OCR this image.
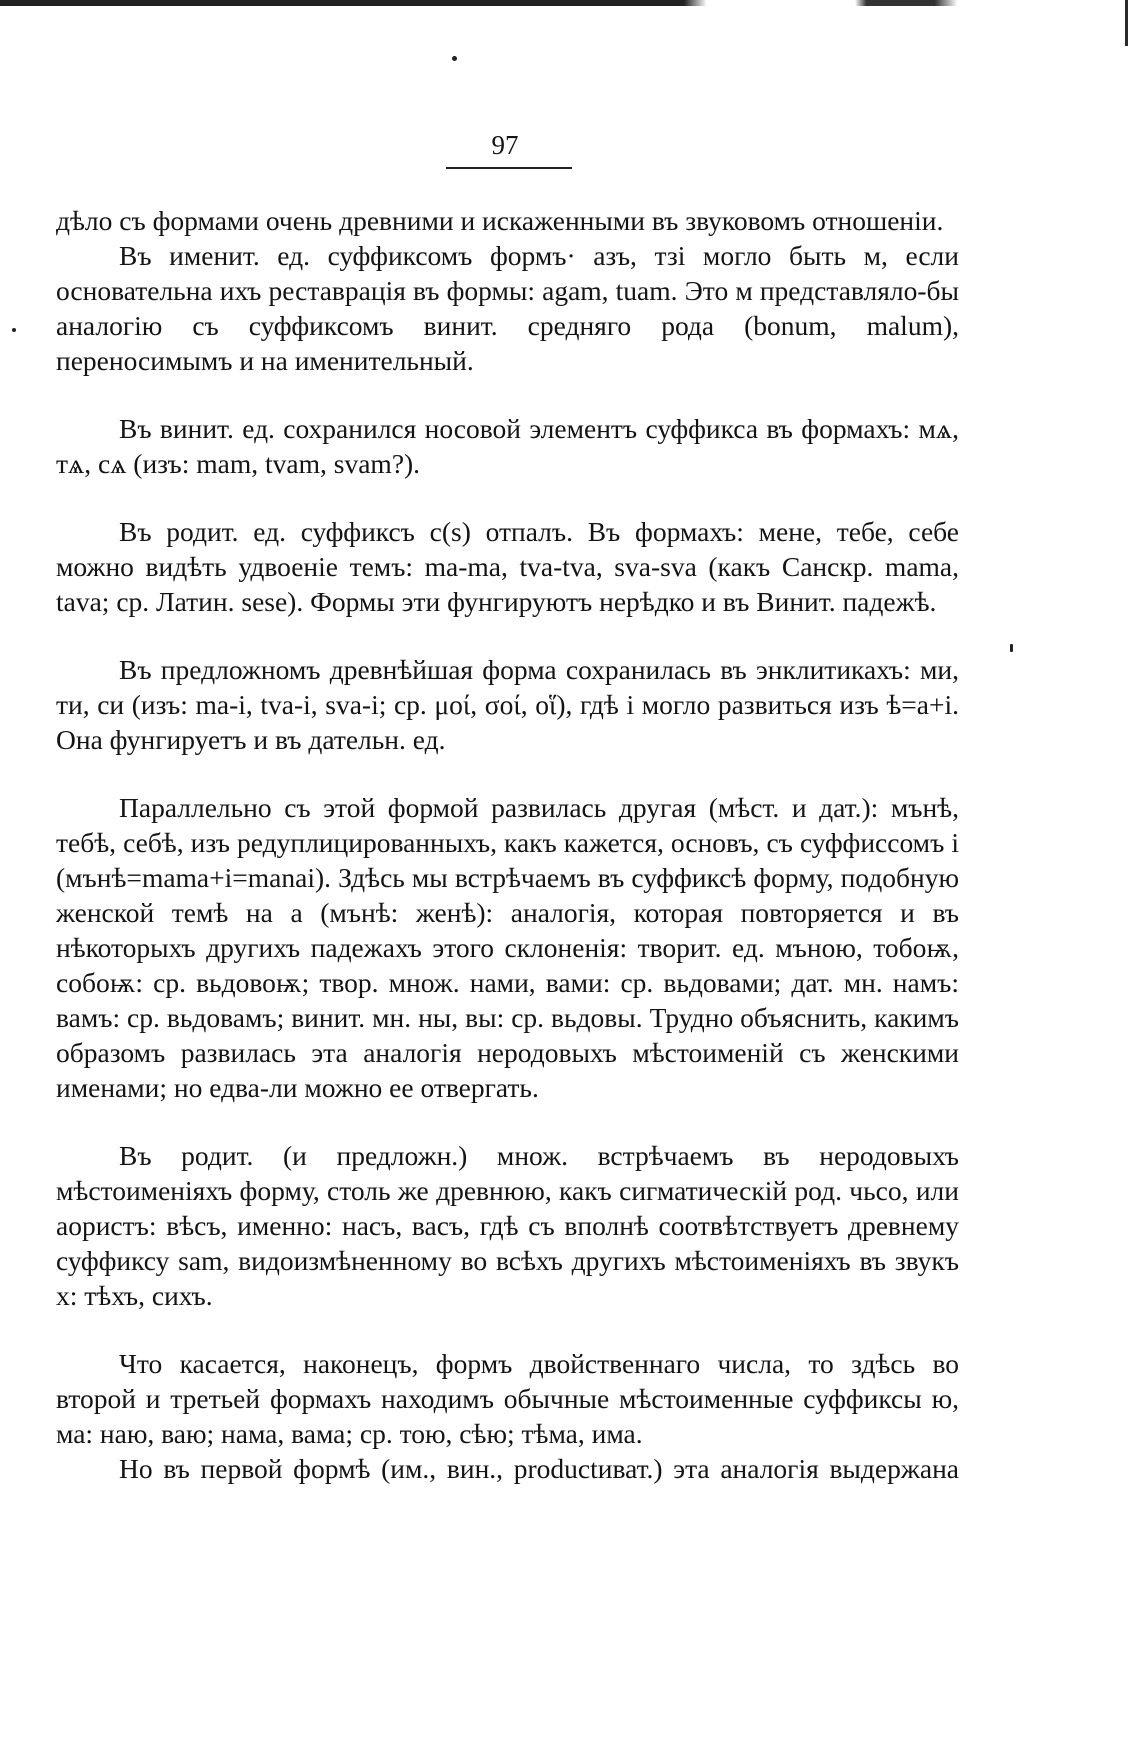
97

дѣло съ формами очень древними и искаженными въ звуковомъ отношеніи.

Въ именит. ед. суффиксомъ формъ· азъ, тзі могло быть м, если основательна ихъ реставрація въ формы: agam, tuam. Это м представляло-бы аналогію съ суффиксомъ винит. средняго рода (bonum, malum), переносимымъ и на именительный.

Въ винит. ед. сохранился носовой элементъ суффикса въ формахъ: мѧ, тѧ, сѧ (изъ: mam, tvam, svam?).

Въ родит. ед. суффиксъ c(s) отпалъ. Въ формахъ: мене, тебе, себе можно видѣть удвоеніе темъ: ma-ma, tva-tva, sva-sva (какъ Санскр. mama, tava; ср. Латин. sese). Формы эти фунгируютъ нерѣдко и въ Винит. падежѣ.

Въ предложномъ древнѣйшая форма сохранилась въ энклитикахъ: ми, ти, си (изъ: ma-i, tva-i, sva-i; ср. μοί, σοί, οἵ), гдѣ і могло развиться изъ ѣ=a+i. Она фунгируетъ и въ дательн. ед.

Параллельно съ этой формой развилась другая (мѣст. и дат.): мънѣ, тебѣ, себѣ, изъ редуплицированныхъ, какъ кажется, основъ, съ суффиссомъ і (мънѣ=mama+i=manai). Здѣсь мы встрѣчаемъ въ суффиксѣ форму, подобную женской темѣ на а (мънѣ: женѣ): аналогія, которая повторяется и въ нѣкоторыхъ другихъ падежахъ этого склоненія: творит. ед. мъною, тобоѭ, собоѭ: ср. вьдовоѭ; твор. множ. нами, вами: ср. вьдовами; дат. мн. намъ: вамъ: ср. вьдовамъ; винит. мн. ны, вы: ср. вьдовы. Трудно объяснить, какимъ образомъ развилась эта аналогія неродовыхъ мѣстоименій съ женскими именами; но едва-ли можно ее отвергать.

Въ родит. (и предложн.) множ. встрѣчаемъ въ неродовыхъ мѣстоименіяхъ форму, столь же древнюю, какъ сигматическій род. чьсо, или аористъ: вѣсъ, именно: насъ, васъ, гдѣ съ вполнѣ соотвѣтствуетъ древнему суффиксу sam, видоизмѣненному во всѣхъ другихъ мѣстоименіяхъ въ звукъ х: тѣхъ, сихъ.

Что касается, наконецъ, формъ двойственнаго числа, то здѣсь во второй и третьей формахъ находимъ обычные мѣстоименные суффиксы ю, ма: наю, ваю; нама, вама; ср. тою, сѣю; тѣма, има.

Но въ первой формѣ (им., вин., productиват.) эта аналогія выдержана
